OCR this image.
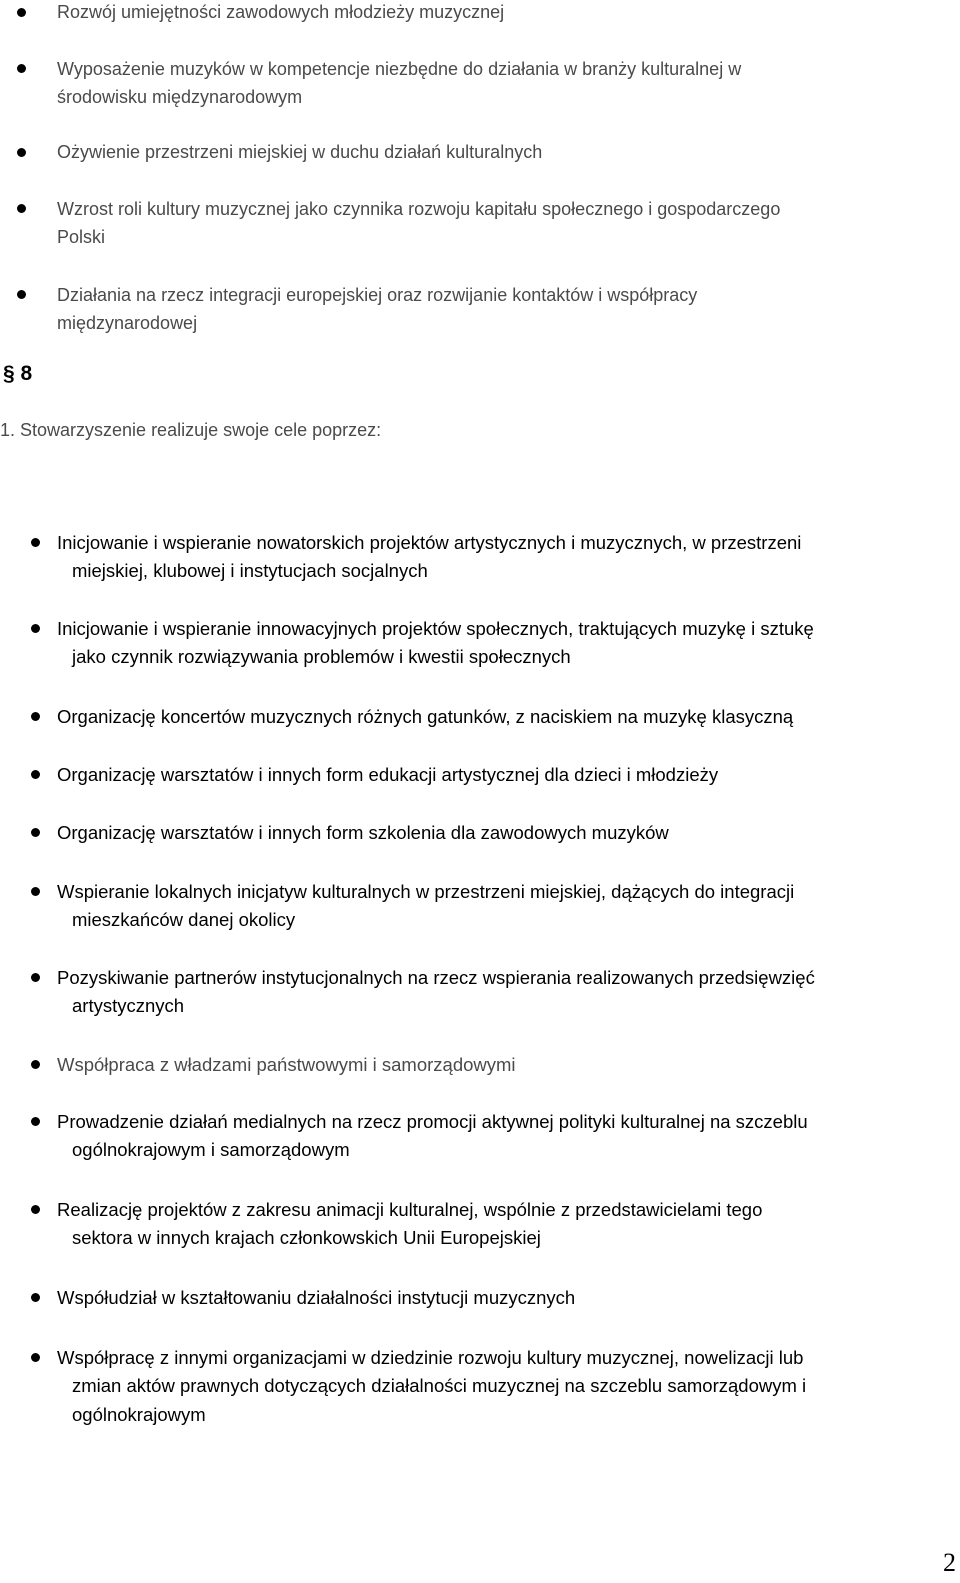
Rozwój umiejętności zawodowych młodzieży muzycznej
Wyposażenie muzyków w kompetencje niezbędne do działania w branży kulturalnej w
środowisku międzynarodowym
Ożywienie przestrzeni miejskiej w duchu działań kulturalnych
Wzrost roli kultury muzycznej jako czynnika rozwoju kapitału społecznego i gospodarczego
Polski
Działania na rzecz integracji europejskiej oraz rozwijanie kontaktów i współpracy
międzynarodowej
§ 8
1. Stowarzyszenie realizuje swoje cele poprzez:
Inicjowanie i wspieranie nowatorskich projektów artystycznych i muzycznych, w przestrzeni
miejskiej, klubowej i instytucjach socjalnych
Inicjowanie i wspieranie innowacyjnych projektów społecznych, traktujących muzykę i sztukę
jako czynnik rozwiązywania problemów i kwestii społecznych
Organizację koncertów muzycznych różnych gatunków, z naciskiem na muzykę klasyczną
Organizację warsztatów i innych form edukacji artystycznej dla dzieci i młodzieży
Organizację warsztatów i innych form szkolenia dla zawodowych muzyków
Wspieranie lokalnych inicjatyw kulturalnych w przestrzeni miejskiej, dążących do integracji
mieszkańców danej okolicy
Pozyskiwanie partnerów instytucjonalnych na rzecz wspierania realizowanych przedsięwzięć
artystycznych
Współpraca z władzami państwowymi i samorządowymi
Prowadzenie działań medialnych na rzecz promocji aktywnej polityki kulturalnej na szczeblu
ogólnokrajowym i samorządowym
Realizację projektów z zakresu animacji kulturalnej, wspólnie z przedstawicielami tego
sektora w innych krajach członkowskich Unii Europejskiej
Współudział w kształtowaniu działalności instytucji muzycznych
Współpracę z innymi organizacjami w dziedzinie rozwoju kultury muzycznej, nowelizacji lub
zmian aktów prawnych dotyczących działalności muzycznej na szczeblu samorządowym i
ogólnokrajowym
2
